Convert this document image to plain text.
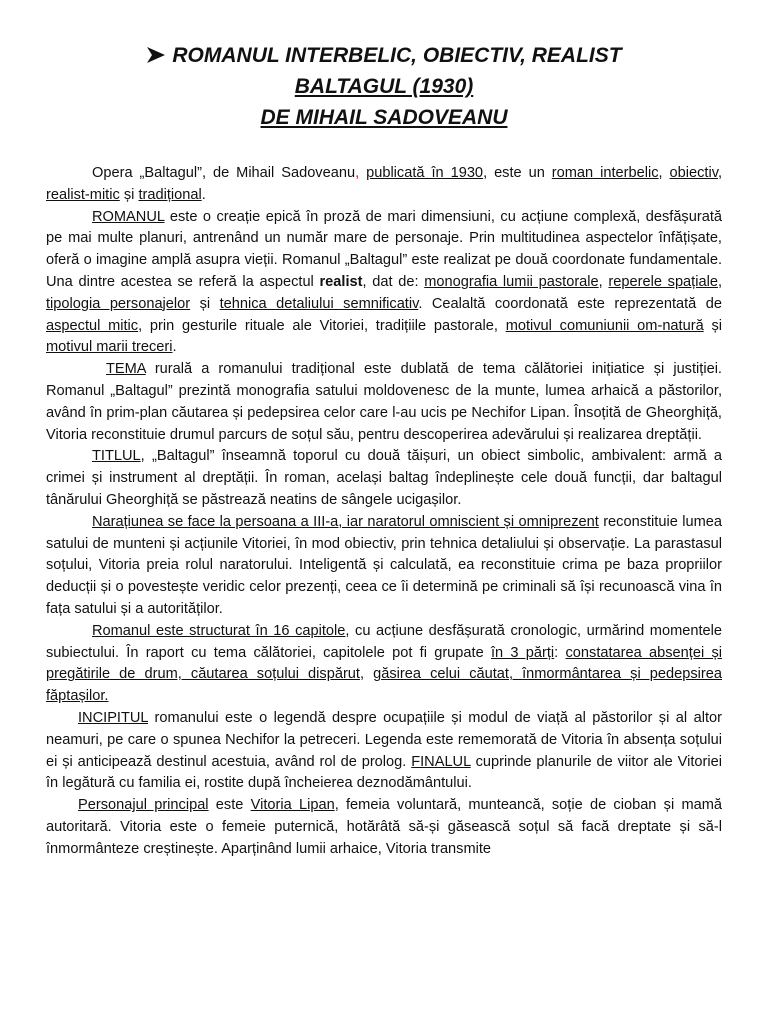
ROMANUL INTERBELIC, OBIECTIV, REALIST

BALTAGUL (1930)

DE MIHAIL SADOVEANU

Opera „Baltagul”, de Mihail Sadoveanu, publicată în 1930, este un roman interbelic, obiectiv, realist-mitic și tradițional.

ROMANUL este o creație epică în proză de mari dimensiuni, cu acțiune complexă, desfășurată pe mai multe planuri, antrenând un număr mare de personaje. Prin multitudinea aspectelor înfățișate, oferă o imagine amplă asupra vieții. Romanul „Baltagul” este realizat pe două coordonate fundamentale. Una dintre acestea se referă la aspectul realist, dat de: monografia lumii pastorale, reperele spațiale, tipologia personajelor și tehnica detaliului semnificativ. Cealaltă coordonată este reprezentată de aspectul mitic, prin gesturile rituale ale Vitoriei, tradițiile pastorale, motivul comuniunii om-natură și motivul marii treceri.

TEMA rurală a romanului tradițional este dublată de tema călătoriei inițiatice și justiției. Romanul „Baltagul” prezintă monografia satului moldovenesc de la munte, lumea arhaică a păstorilor, având în prim-plan căutarea și pedepsirea celor care l-au ucis pe Nechifor Lipan. Însoțită de Gheorghiță, Vitoria reconstituie drumul parcurs de soțul său, pentru descoperirea adevărului și realizarea dreptății.

TITLUL, „Baltagul” înseamnă toporul cu două tăișuri, un obiect simbolic, ambivalent: armă a crimei și instrument al dreptății. În roman, același baltag îndeplinește cele două funcții, dar baltagul tânărului Gheorghiță se păstrează neatins de sângele ucigașilor.

Narațiunea se face la persoana a III-a, iar naratorul omniscient și omniprezent reconstituie lumea satului de munteni și acțiunile Vitoriei, în mod obiectiv, prin tehnica detaliului și observație. La parastasul soțului, Vitoria preia rolul naratorului. Inteligentă și calculată, ea reconstituie crima pe baza propriilor deducții și o povestește veridic celor prezenți, ceea ce îi determină pe criminali să își recunoască vina în fața satului și a autorităților.

Romanul este structurat în 16 capitole, cu acțiune desfășurată cronologic, urmărind momentele subiectului. În raport cu tema călătoriei, capitolele pot fi grupate în 3 părți: constatarea absenței și pregătirile de drum, căutarea soțului dispărut, găsirea celui căutat, înmormântarea și pedepsirea făptașilor.

INCIPITUL romanului este o legendă despre ocupațiile și modul de viață al păstorilor și al altor neamuri, pe care o spunea Nechifor la petreceri. Legenda este rememorată de Vitoria în absența soțului ei și anticipează destinul acestuia, având rol de prolog. FINALUL cuprinde planurile de viitor ale Vitoriei în legătură cu familia ei, rostite după încheierea deznodământului.

Personajul principal este Vitoria Lipan, femeia voluntară, munteancă, soție de cioban și mamă autoritară. Vitoria este o femeie puternică, hotărâtă să-și găsească soțul să facă dreptate și să-l înmormânteze creștinește. Aparținând lumii arhaice, Vitoria transmite
